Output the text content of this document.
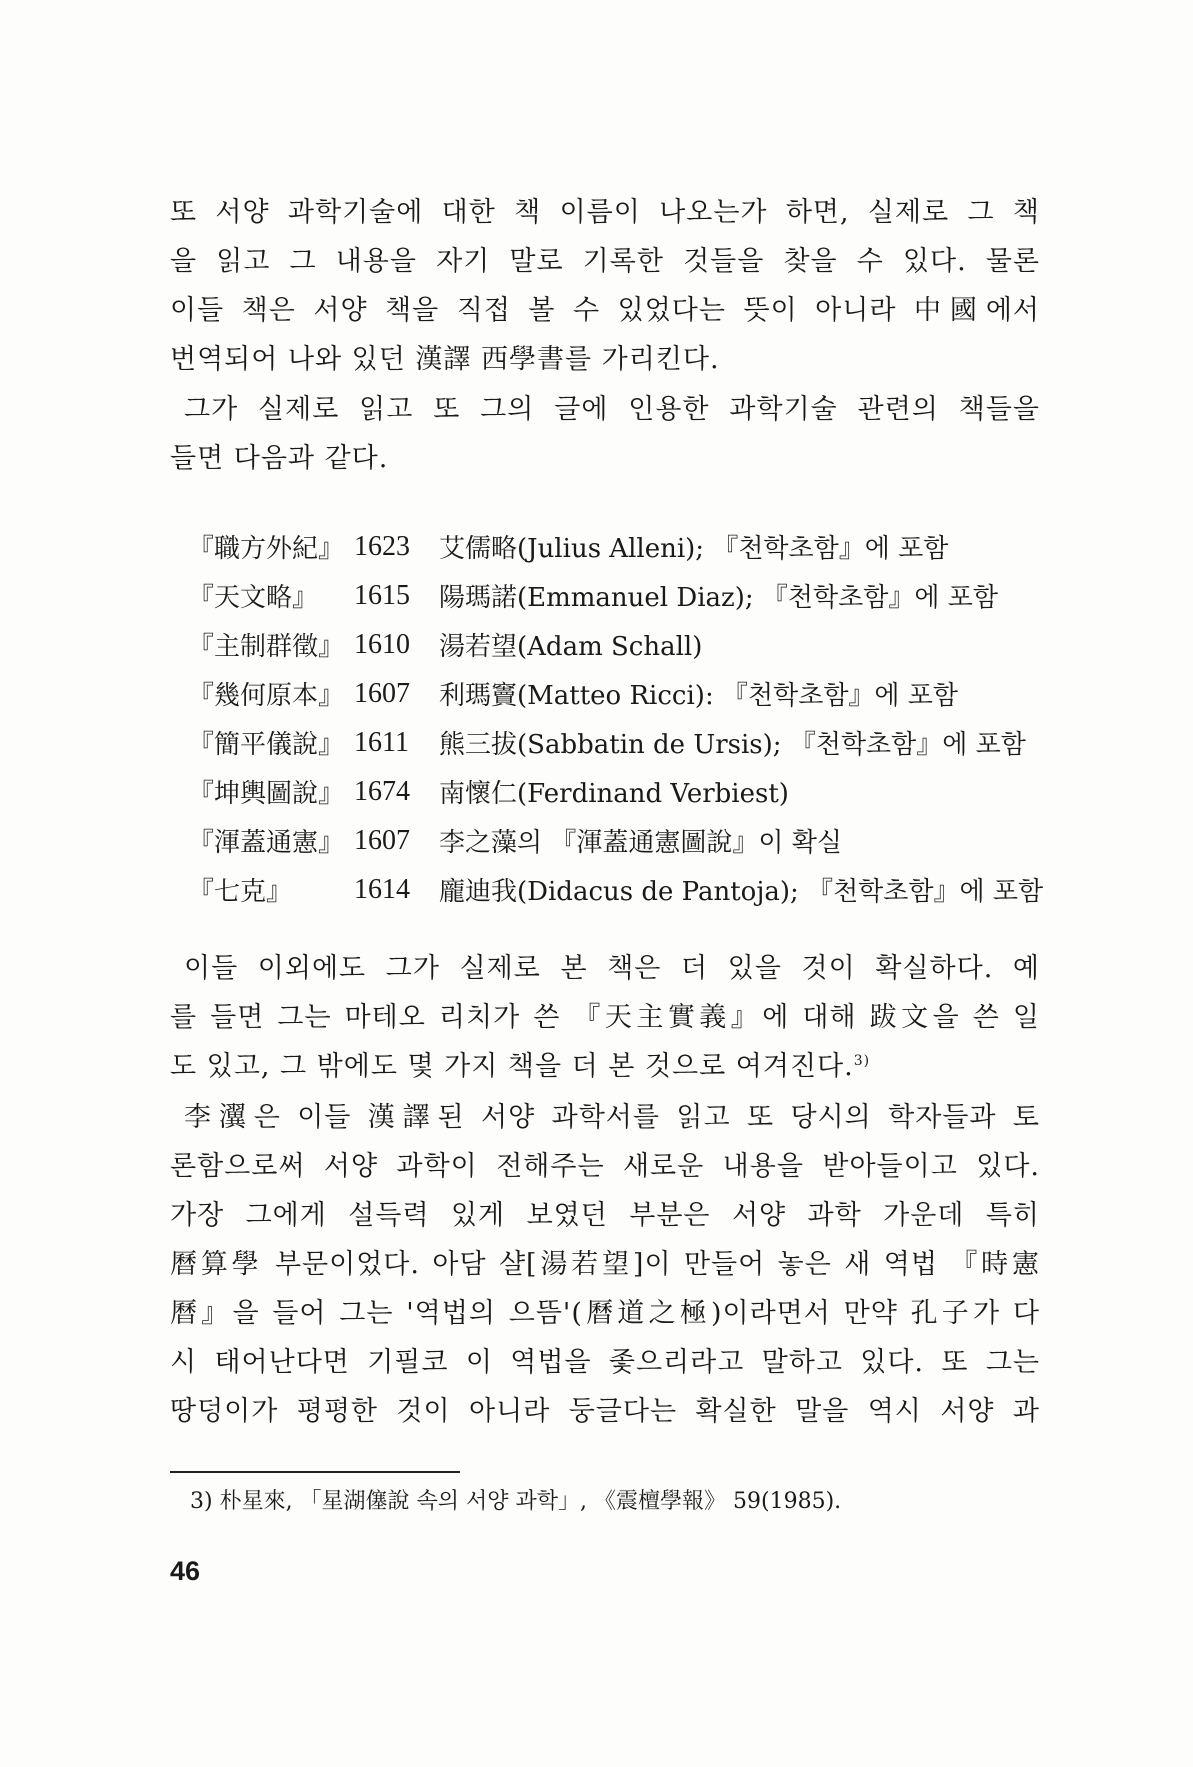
또 서양 과학기술에 대한 책 이름이 나오는가 하면, 실제로 그 책
을 읽고 그 내용을 자기 말로 기록한 것들을 찾을 수 있다. 물론
이들 책은 서양 책을 직접 볼 수 있었다는 뜻이 아니라 中國에서
번역되어 나와 있던 漢譯 西學書를 가리킨다.
그가 실제로 읽고 또 그의 글에 인용한 과학기술 관련의 책들을
들면 다음과 같다.
『職方外紀』	1623	艾儒略(Julius Alleni); 『천학초함』에 포함
『天文略』	1615	陽瑪諾(Emmanuel Diaz); 『천학초함』에 포함
『主制群徵』	1610	湯若望(Adam Schall)
『幾何原本』	1607	利瑪竇(Matteo Ricci): 『천학초함』에 포함
『簡平儀說』	1611	熊三拔(Sabbatin de Ursis); 『천학초함』에 포함
『坤輿圖說』	1674	南懷仁(Ferdinand Verbiest)
『渾蓋通憲』	1607	李之藻의 『渾蓋通憲圖說』이 확실
『七克』	1614	龐迪我(Didacus de Pantoja); 『천학초함』에 포함
이들 이외에도 그가 실제로 본 책은 더 있을 것이 확실하다. 예
를 들면 그는 마테오 리치가 쓴 『天主實義』에 대해 跋文을 쓴 일
도 있고, 그 밖에도 몇 가지 책을 더 본 것으로 여겨진다.$^{3)}$
李瀷은 이들 漢譯된 서양 과학서를 읽고 또 당시의 학자들과 토
론함으로써 서양 과학이 전해주는 새로운 내용을 받아들이고 있다.
가장 그에게 설득력 있게 보였던 부분은 서양 과학 가운데 특히
曆算學 부문이었다. 아담 샬[湯若望]이 만들어 놓은 새 역법 『時憲
曆』을 들어 그는 '역법의 으뜸'(曆道之極)이라면서 만약 孔子가 다
시 태어난다면 기필코 이 역법을 좇으리라고 말하고 있다. 또 그는
땅덩이가 평평한 것이 아니라 둥글다는 확실한 말을 역시 서양 과
3) 朴星來, 「星湖僿說 속의 서양 과학」, 《震檀學報》 59(1985).
46
